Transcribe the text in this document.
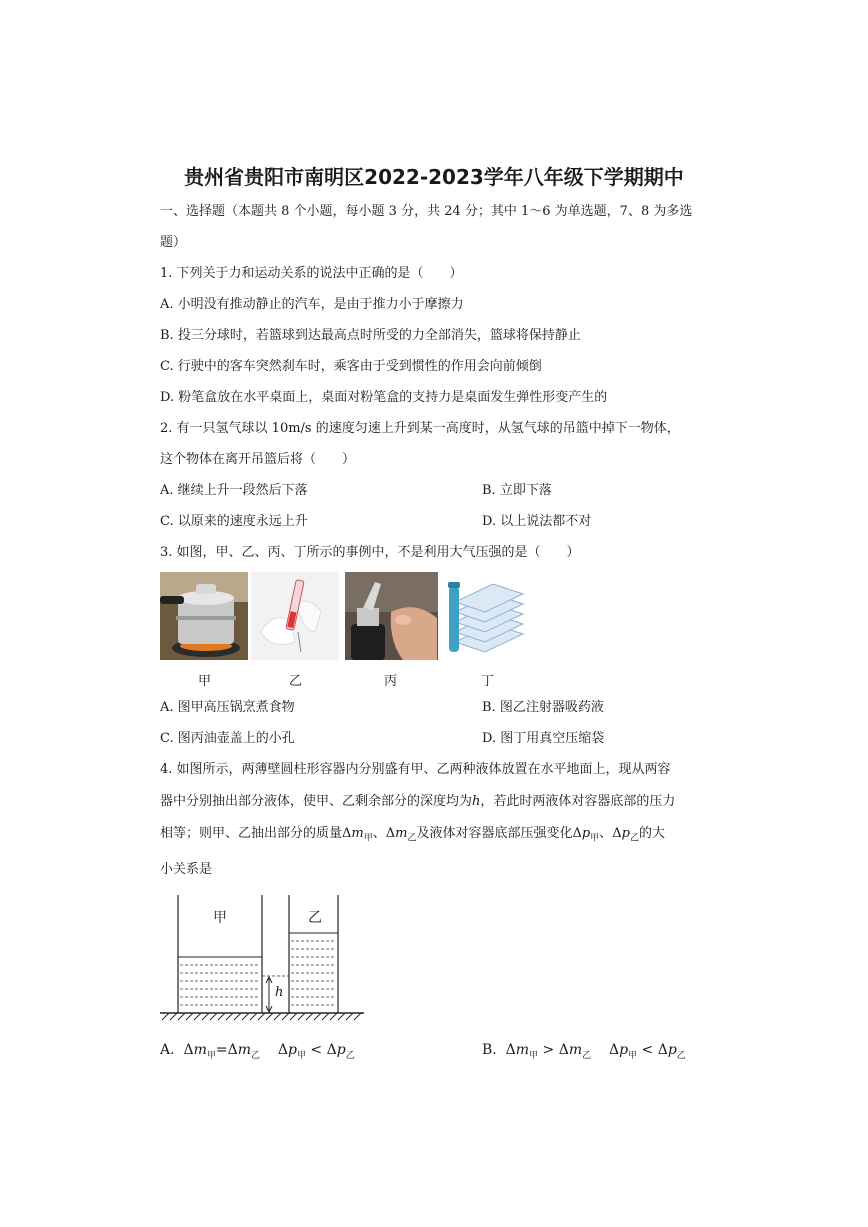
贵州省贵阳市南明区2022-2023学年八年级下学期期中
一、选择题（本题共 8 个小题，每小题 3 分，共 24 分；其中 1～6 为单选题，7、8 为多选
题）
1. 下列关于力和运动关系的说法中正确的是（　　）
A. 小明没有推动静止的汽车，是由于推力小于摩擦力
B. 投三分球时，若篮球到达最高点时所受的力全部消失，篮球将保持静止
C. 行驶中的客车突然刹车时，乘客由于受到惯性的作用会向前倾倒
D. 粉笔盒放在水平桌面上，桌面对粉笔盒的支持力是桌面发生弹性形变产生的
2. 有一只氢气球以 10m/s 的速度匀速上升到某一高度时，从氢气球的吊篮中掉下一物体，
这个物体在离开吊篮后将（　　）
A. 继续上升一段然后下落	B. 立即下落
C. 以原来的速度永远上升	D. 以上说法都不对
3. 如图，甲、乙、丙、丁所示的事例中，不是利用大气压强的是（　　）
甲	乙	丙	丁
A. 图甲高压锅烹煮食物	B. 图乙注射器吸药液
C. 图丙油壶盖上的小孔	D. 图丁用真空压缩袋
4. 如图所示，两薄壁圆柱形容器内分别盛有甲、乙两种液体放置在水平地面上，现从两容
器中分别抽出部分液体，使甲、乙剩余部分的深度均为h，若此时两液体对容器底部的压力
相等；则甲、乙抽出部分的质量$\Delta m_甲$、$\Delta m_乙$及液体对容器底部压强变化$\Delta p_甲$、$\Delta p_乙$的大
小关系是
甲	乙
h
A. $\Delta m_甲=\Delta m_乙$ $\Delta p_甲 < \Delta p_乙$	B. $\Delta m_甲 > \Delta m_乙$ $\Delta p_甲 < \Delta p_乙$
